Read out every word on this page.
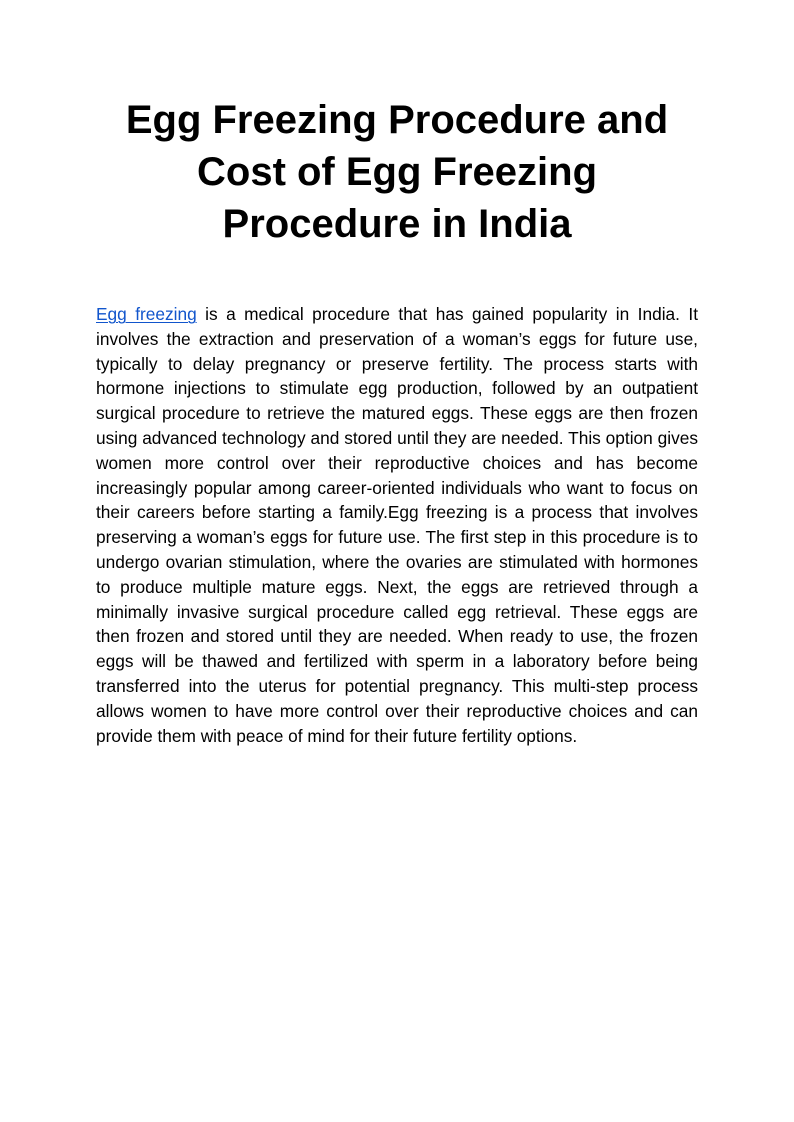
Egg Freezing Procedure and
Cost of Egg Freezing
Procedure in India

Egg freezing is a medical procedure that has gained popularity in India. It involves the extraction and preservation of a woman’s eggs for future use, typically to delay pregnancy or preserve fertility. The process starts with hormone injections to stimulate egg production, followed by an outpatient surgical procedure to retrieve the matured eggs. These eggs are then frozen using advanced technology and stored until they are needed. This option gives women more control over their reproductive choices and has become increasingly popular among career-oriented individuals who want to focus on their careers before starting a family.Egg freezing is a process that involves preserving a woman’s eggs for future use. The first step in this procedure is to undergo ovarian stimulation, where the ovaries are stimulated with hormones to produce multiple mature eggs. Next, the eggs are retrieved through a minimally invasive surgical procedure called egg retrieval. These eggs are then frozen and stored until they are needed. When ready to use, the frozen eggs will be thawed and fertilized with sperm in a laboratory before being transferred into the uterus for potential pregnancy. This multi-step process allows women to have more control over their reproductive choices and can provide them with peace of mind for their future fertility options.
